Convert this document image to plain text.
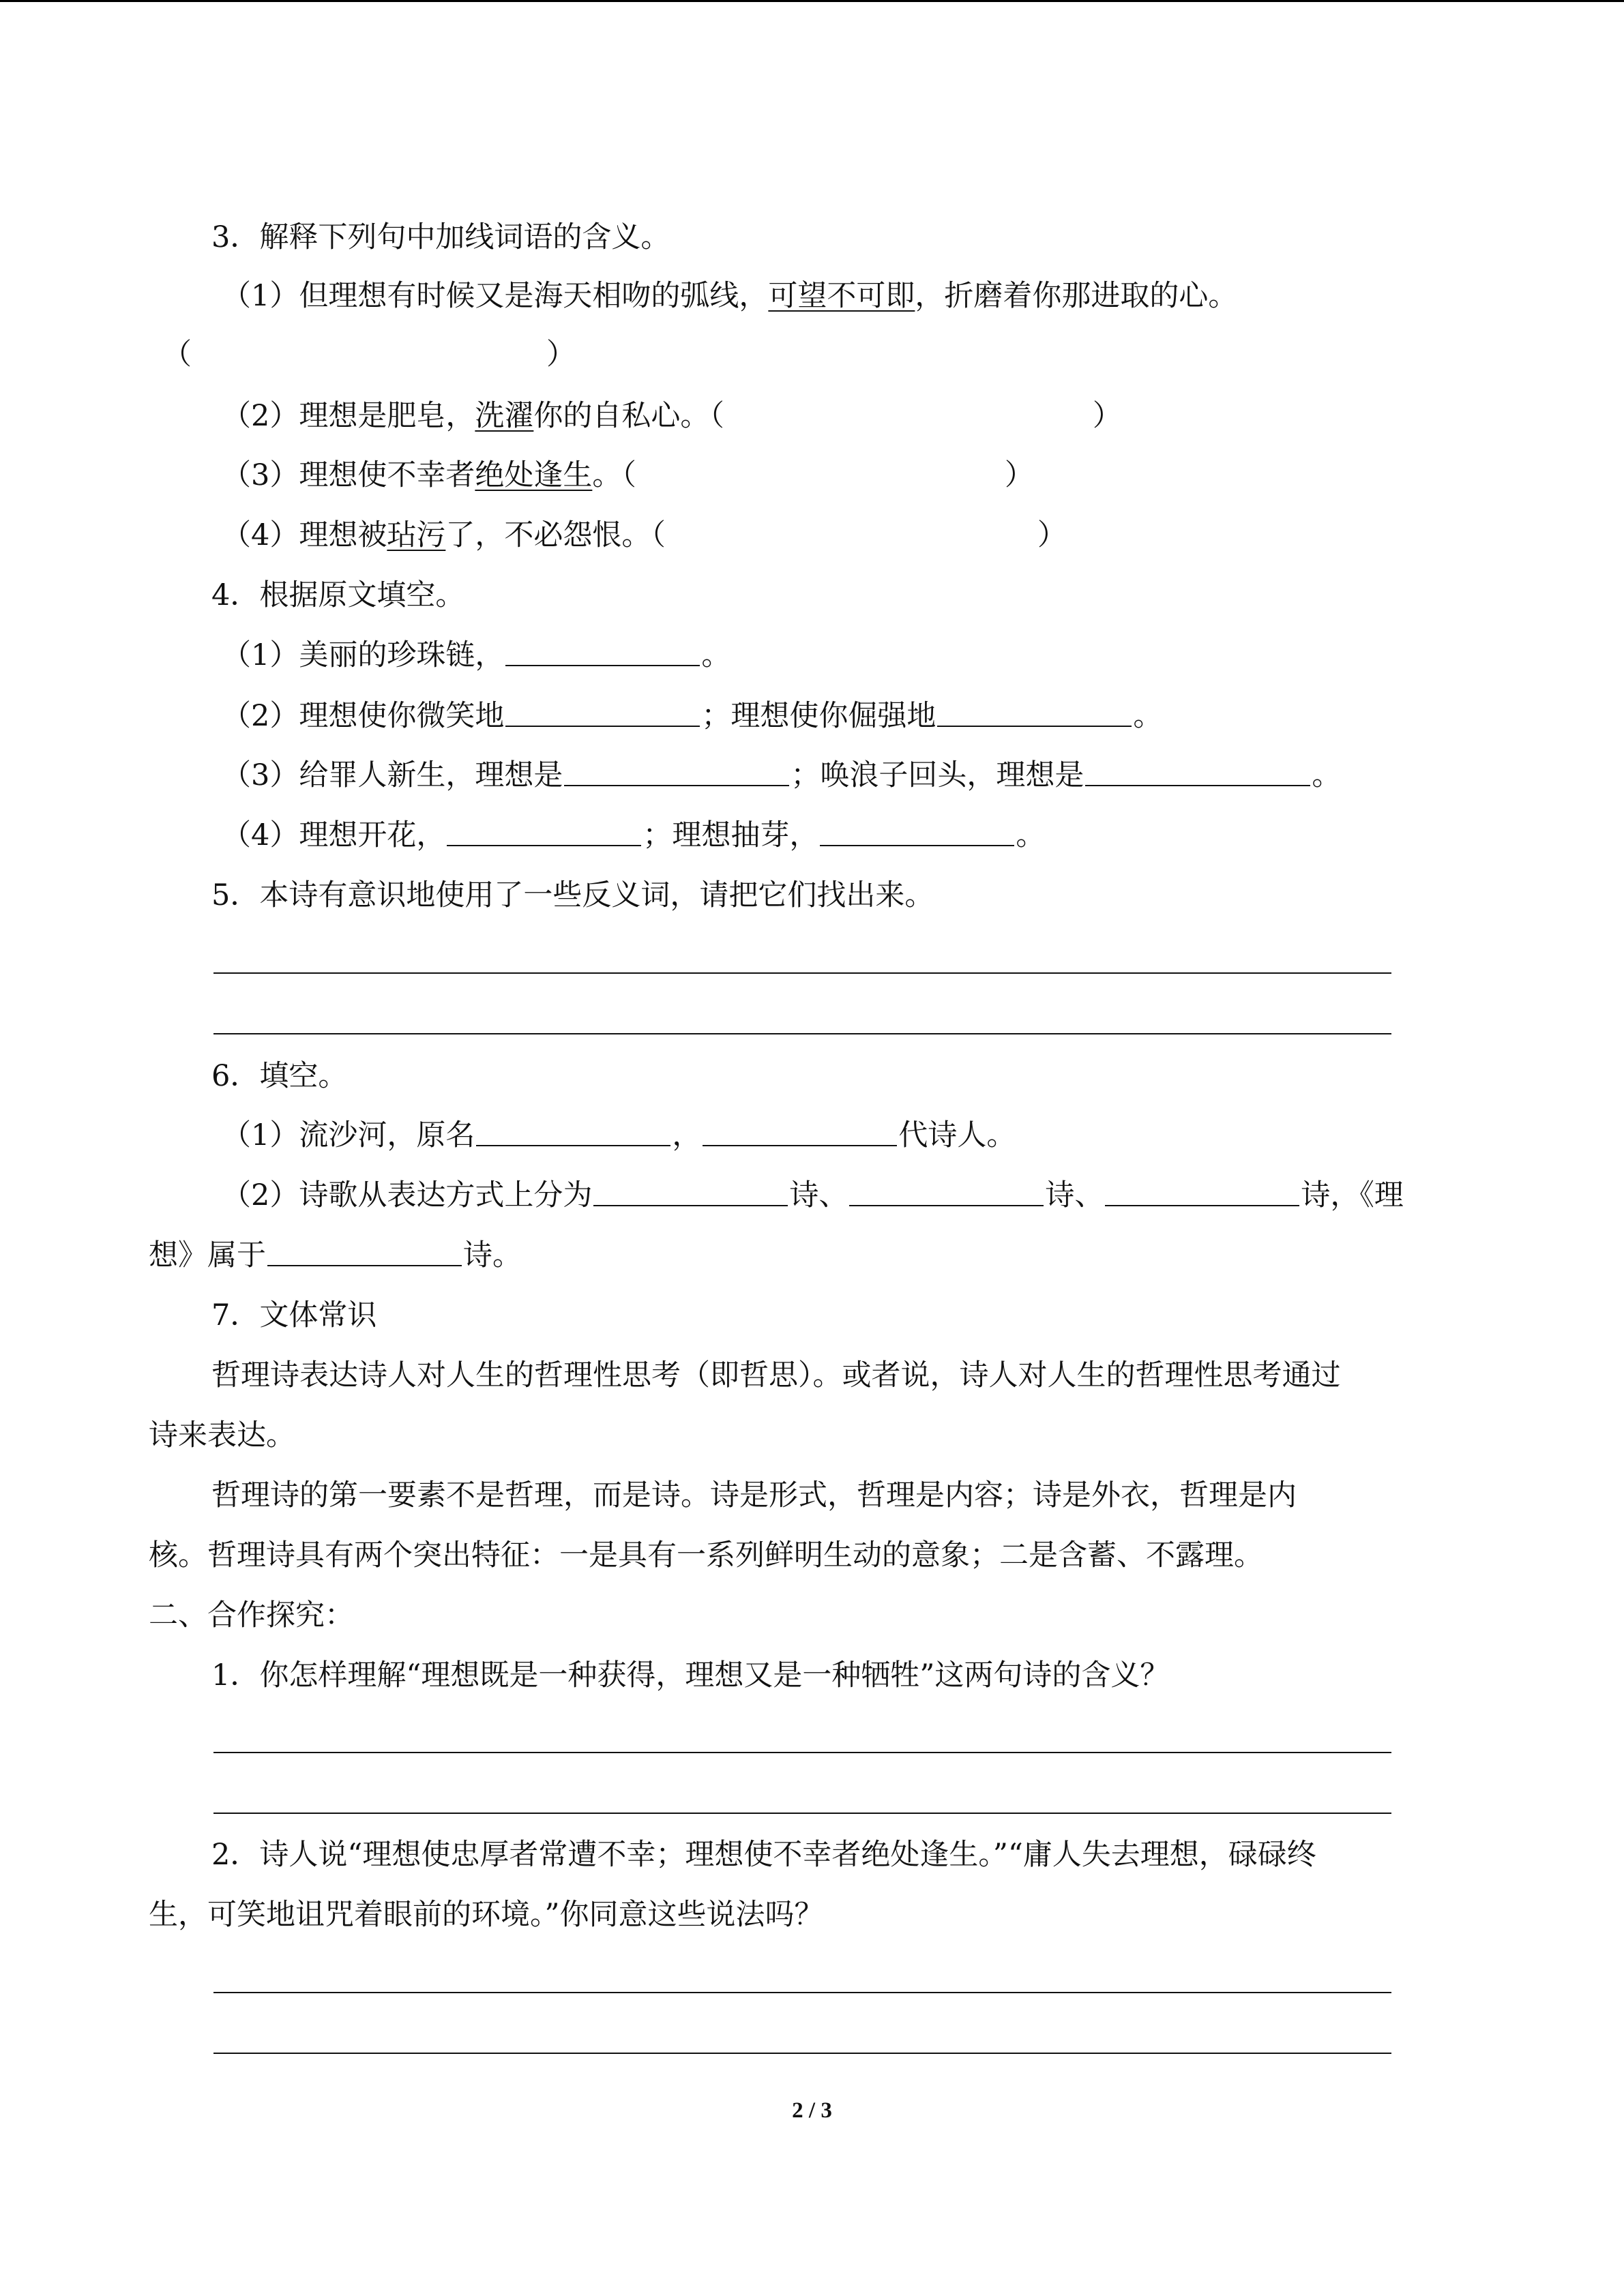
3．解释下列句中加线词语的含义。
（1）但理想有时候又是海天相吻的弧线，可望不可即，折磨着你那进取的心。
（	）
（2）理想是肥皂，洗濯你的自私心。（	）
（3）理想使不幸者绝处逢生。（	）
（4）理想被玷污了，不必怨恨。（	）
4．根据原文填空。
（1）美丽的珍珠链，	。
（2）理想使你微笑地	；理想使你倔强地	。
（3）给罪人新生，理想是	；唤浪子回头，理想是	。
（4）理想开花，	；理想抽芽，	。
5．本诗有意识地使用了一些反义词，请把它们找出来。
6．填空。
（1）流沙河，原名	，	代诗人。
（2）诗歌从表达方式上分为	诗、	诗、	诗，《理
想》属于	诗。
7．文体常识
哲理诗表达诗人对人生的哲理性思考（即哲思）。或者说，诗人对人生的哲理性思考通过
诗来表达。
哲理诗的第一要素不是哲理，而是诗。诗是形式，哲理是内容；诗是外衣，哲理是内
核。哲理诗具有两个突出特征：一是具有一系列鲜明生动的意象；二是含蓄、不露理。
二、合作探究：
1．你怎样理解“理想既是一种获得，理想又是一种牺牲”这两句诗的含义？
2．诗人说“理想使忠厚者常遭不幸；理想使不幸者绝处逢生。”“庸人失去理想，碌碌终
生，可笑地诅咒着眼前的环境。”你同意这些说法吗？
2 / 3
